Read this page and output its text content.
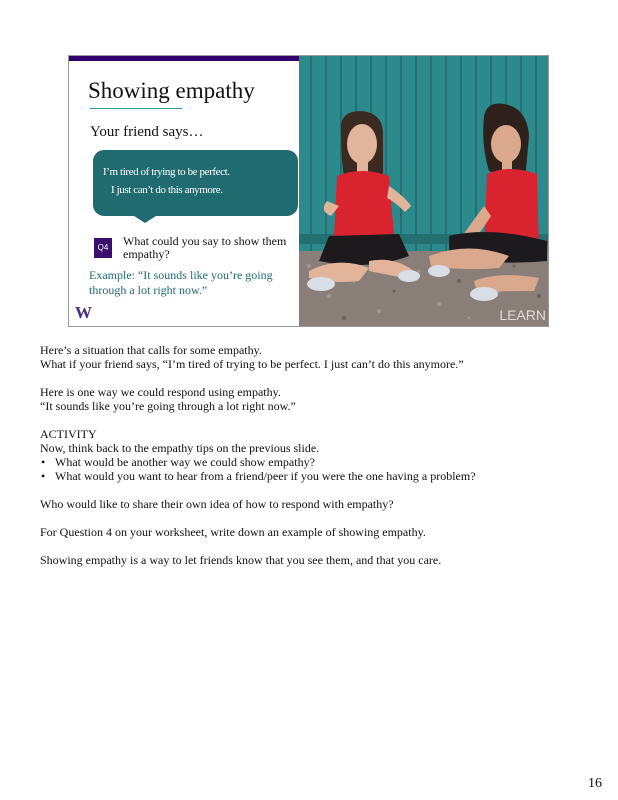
Showing empathy
Your friend says…
I’m tired of trying to be perfect.
I just can’t do this anymore.
Q4	What could you say to show them empathy?
Example: “It sounds like you’re going through a lot right now.”
W	LEARN

Here’s a situation that calls for some empathy.

What if your friend says, “I’m tired of trying to be perfect. I just can’t do this anymore.”

Here is one way we could respond using empathy.

“It sounds like you’re going through a lot right now.”

ACTIVITY

Now, think back to the empathy tips on the previous slide.

• What would be another way we could show empathy?

• What would you want to hear from a friend/peer if you were the one having a problem?

Who would like to share their own idea of how to respond with empathy?

For Question 4 on your worksheet, write down an example of showing empathy.

Showing empathy is a way to let friends know that you see them, and that you care.

16
